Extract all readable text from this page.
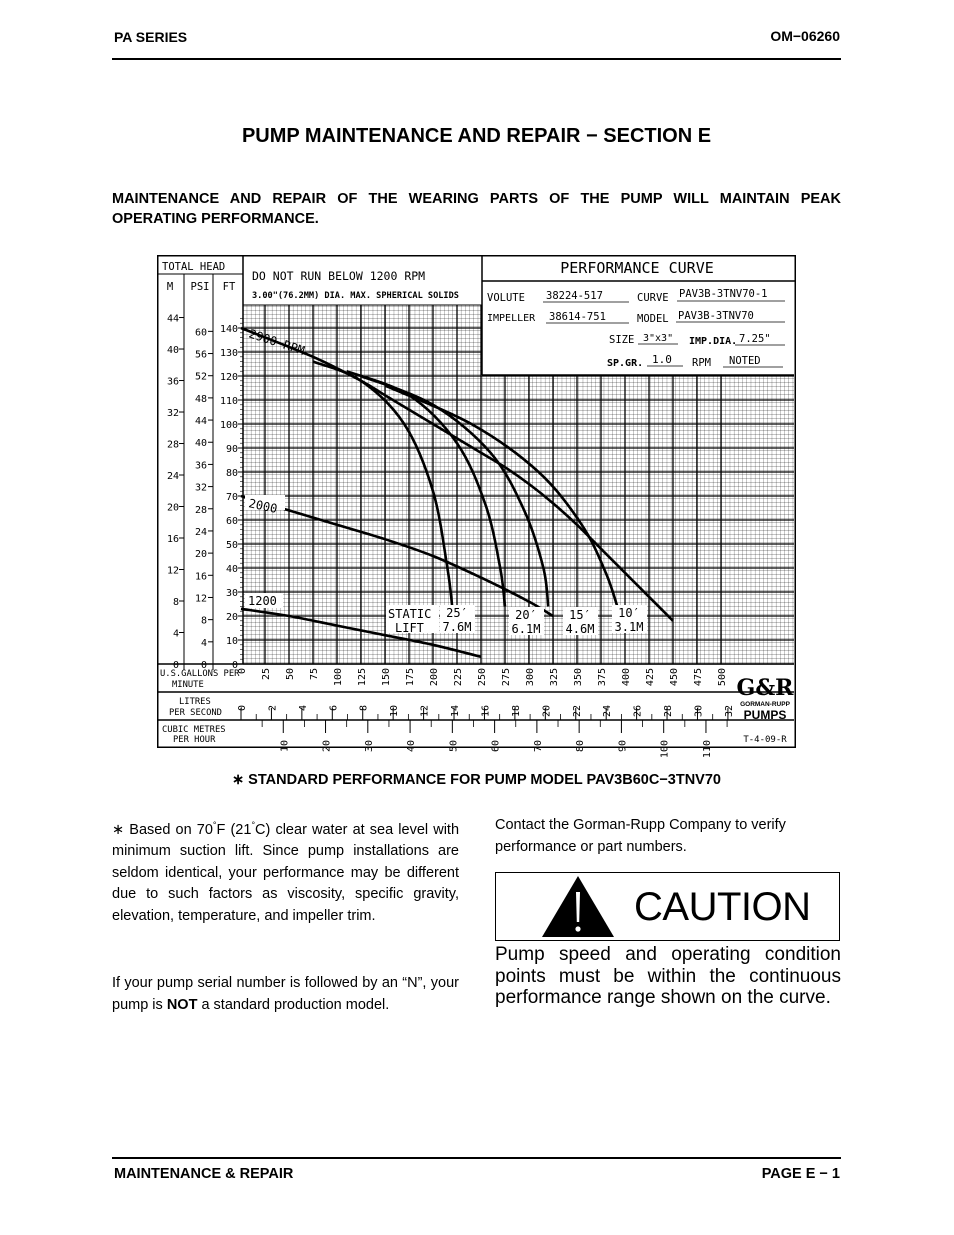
PA SERIES	OM−06260
PUMP MAINTENANCE AND REPAIR − SECTION E
MAINTENANCE AND REPAIR OF THE WEARING PARTS OF THE PUMP WILL MAINTAIN PEAK OPERATING PERFORMANCE.
TOTAL HEAD
M PSI FT
0
10
20
30
40
50
60
70
80
90
100
110
120
130
140
0
4
8
12
16
20
24
28
32
36
40
44
48
52
56
60
0
4
8
12
16
20
24
28
32
36
40
44
U.S.GALLONS PER
MINUTE
0 25 50 75 100 125 150 175 200 225 250 275 300 325 350 375 400 425 450 475 500
LITRES
PER SECOND 0 2 4 6 8 10 12 14 16 18 20 22 24 26 28 30 32
CUBIC METRES
PER HOUR	10	20	30	40	50	60	70	80	90	100	110
PERFORMANCE CURVE
DO NOT RUN BELOW 1200 RPM
3.00"(76.2MM) DIA. MAX. SPHERICAL SOLIDS	VOLUTE 38224-517	CURVE PAV3B-3TNV70-1
IMPELLER 38614-751	MODEL PAV3B-3TNV70
SIZE 3"x3" IMP.DIA. 7.25"
SP.GR. 1.0 RPM NOTED
G&R
GORMAN-RUPP
PUMPS
T-4-09-R
2900 RPM
2000
1200
STATIC
LIFT
25′
7.6M
20′
6.1M
15′
4.6M
10′
3.1M
∗ STANDARD PERFORMANCE FOR PUMP MODEL PAV3B60C−3TNV70

∗ Based on 70°F (21°C) clear water at sea level with minimum suction lift. Since pump installations are seldom identical, your performance may be different due to such factors as viscosity, specific gravity, elevation, temperature, and impeller trim.

If your pump serial number is followed by an “N”, your pump is NOT a standard production model.

Contact the Gorman-Rupp Company to verify performance or part numbers.
CAUTION
Pump speed and operating condition points must be within the continuous performance range shown on the curve.
MAINTENANCE & REPAIR	PAGE E − 1
